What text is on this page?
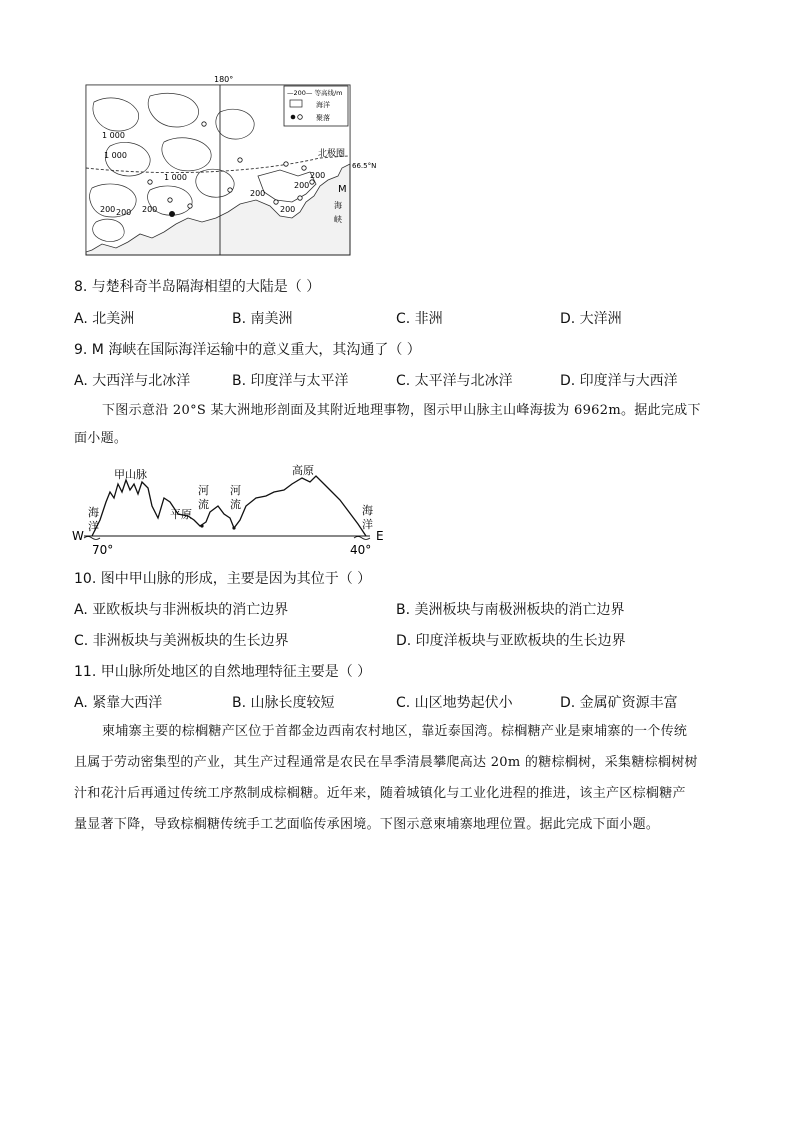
180°
北极圈
66.5°N
—200— 等高线/m
海洋
聚落
1 000
1 000
1 000
200 200 200
200
200
200
200
M
海
峡
8. 与楚科奇半岛隔海相望的大陆是（ ）
A. 北美洲	B. 南美洲	C. 非洲	D. 大洋洲
9. M 海峡在国际海洋运输中的意义重大，其沟通了（ ）
A. 大西洋与北冰洋	B. 印度洋与太平洋	C. 太平洋与北冰洋	D. 印度洋与大西洋
下图示意沿 20°S 某大洲地形剖面及其附近地理事物，图示甲山脉主山峰海拔为 6962m。据此完成下
面小题。
W	E
海
洋
海
洋
甲山脉
平原
河
流
河
流
高原
70°	40°
10. 图中甲山脉的形成，主要是因为其位于（ ）
A. 亚欧板块与非洲板块的消亡边界	B. 美洲板块与南极洲板块的消亡边界
C. 非洲板块与美洲板块的生长边界	D. 印度洋板块与亚欧板块的生长边界
11. 甲山脉所处地区的自然地理特征主要是（ ）
A. 紧靠大西洋	B. 山脉长度较短	C. 山区地势起伏小	D. 金属矿资源丰富
柬埔寨主要的棕榈糖产区位于首都金边西南农村地区，靠近泰国湾。棕榈糖产业是柬埔寨的一个传统
且属于劳动密集型的产业，其生产过程通常是农民在旱季清晨攀爬高达 20m 的糖棕榈树，采集糖棕榈树树
汁和花汁后再通过传统工序熬制成棕榈糖。近年来，随着城镇化与工业化进程的推进，该主产区棕榈糖产
量显著下降，导致棕榈糖传统手工艺面临传承困境。下图示意柬埔寨地理位置。据此完成下面小题。
